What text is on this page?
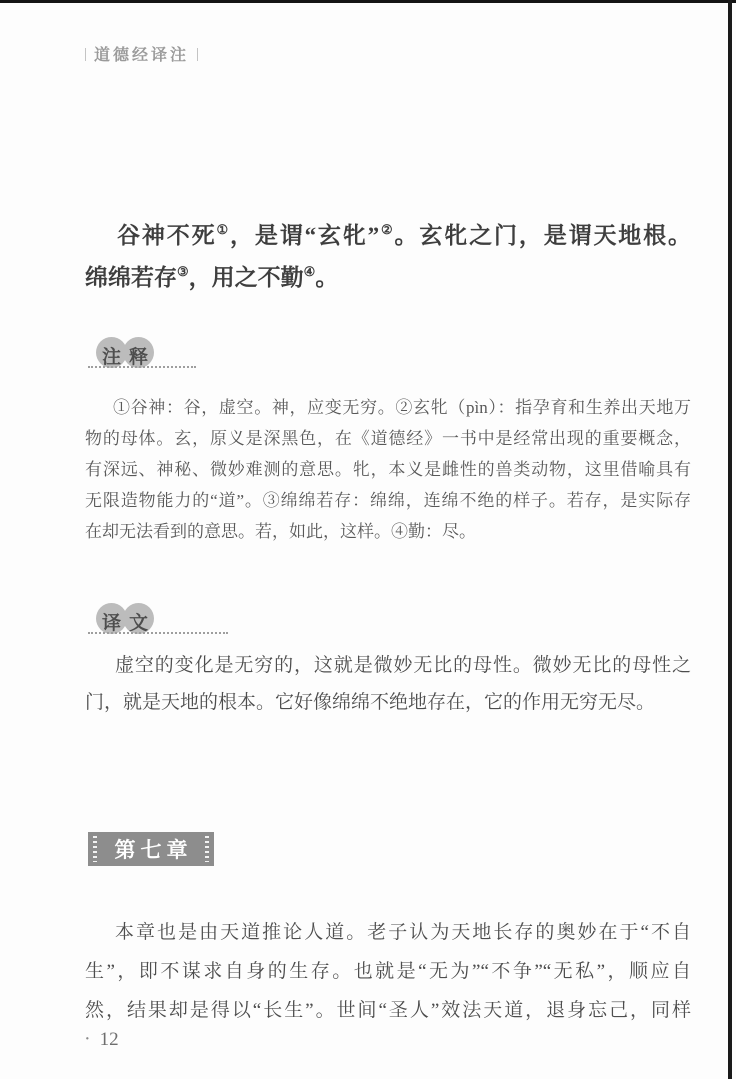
| 道德经译注 |
谷神不死①，是谓“玄牝”②。玄牝之门，是谓天地根。
绵绵若存③，用之不勤④。
注释
①谷神：谷，虚空。神，应变无穷。②玄牝（pìn）：指孕育和生养出天地万
物的母体。玄，原义是深黑色，在《道德经》一书中是经常出现的重要概念，
有深远、神秘、微妙难测的意思。牝，本义是雌性的兽类动物，这里借喻具有
无限造物能力的“道”。③绵绵若存：绵绵，连绵不绝的样子。若存，是实际存
在却无法看到的意思。若，如此，这样。④勤：尽。
译文
虚空的变化是无穷的，这就是微妙无比的母性。微妙无比的母性之
门，就是天地的根本。它好像绵绵不绝地存在，它的作用无穷无尽。
第七章
本章也是由天道推论人道。老子认为天地长存的奥妙在于“不自
生”，即不谋求自身的生存。也就是“无为”“不争”“无私”，顺应自
然，结果却是得以“长生”。世间“圣人”效法天道，退身忘己，同样
· 12
